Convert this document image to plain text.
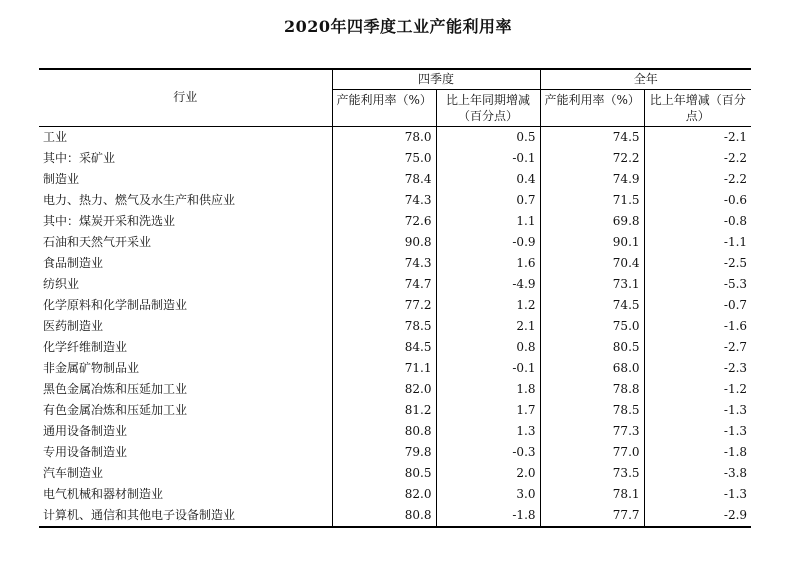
2020年四季度工业产能利用率
行业	四季度		全年	
	产能利用率（%）	比上年同期增减（百分点）	产能利用率（%）	比上年增减（百分点）
工业	78.0	0.5	74.5	-2.1
其中：采矿业	75.0	-0.1	72.2	-2.2
制造业	78.4	0.4	74.9	-2.2
电力、热力、燃气及水生产和供应业	74.3	0.7	71.5	-0.6
其中：煤炭开采和洗选业	72.6	1.1	69.8	-0.8
石油和天然气开采业	90.8	-0.9	90.1	-1.1
食品制造业	74.3	1.6	70.4	-2.5
纺织业	74.7	-4.9	73.1	-5.3
化学原料和化学制品制造业	77.2	1.2	74.5	-0.7
医药制造业	78.5	2.1	75.0	-1.6
化学纤维制造业	84.5	0.8	80.5	-2.7
非金属矿物制品业	71.1	-0.1	68.0	-2.3
黑色金属冶炼和压延加工业	82.0	1.8	78.8	-1.2
有色金属冶炼和压延加工业	81.2	1.7	78.5	-1.3
通用设备制造业	80.8	1.3	77.3	-1.3
专用设备制造业	79.8	-0.3	77.0	-1.8
汽车制造业	80.5	2.0	73.5	-3.8
电气机械和器材制造业	82.0	3.0	78.1	-1.3
计算机、通信和其他电子设备制造业	80.8	-1.8	77.7	-2.9
